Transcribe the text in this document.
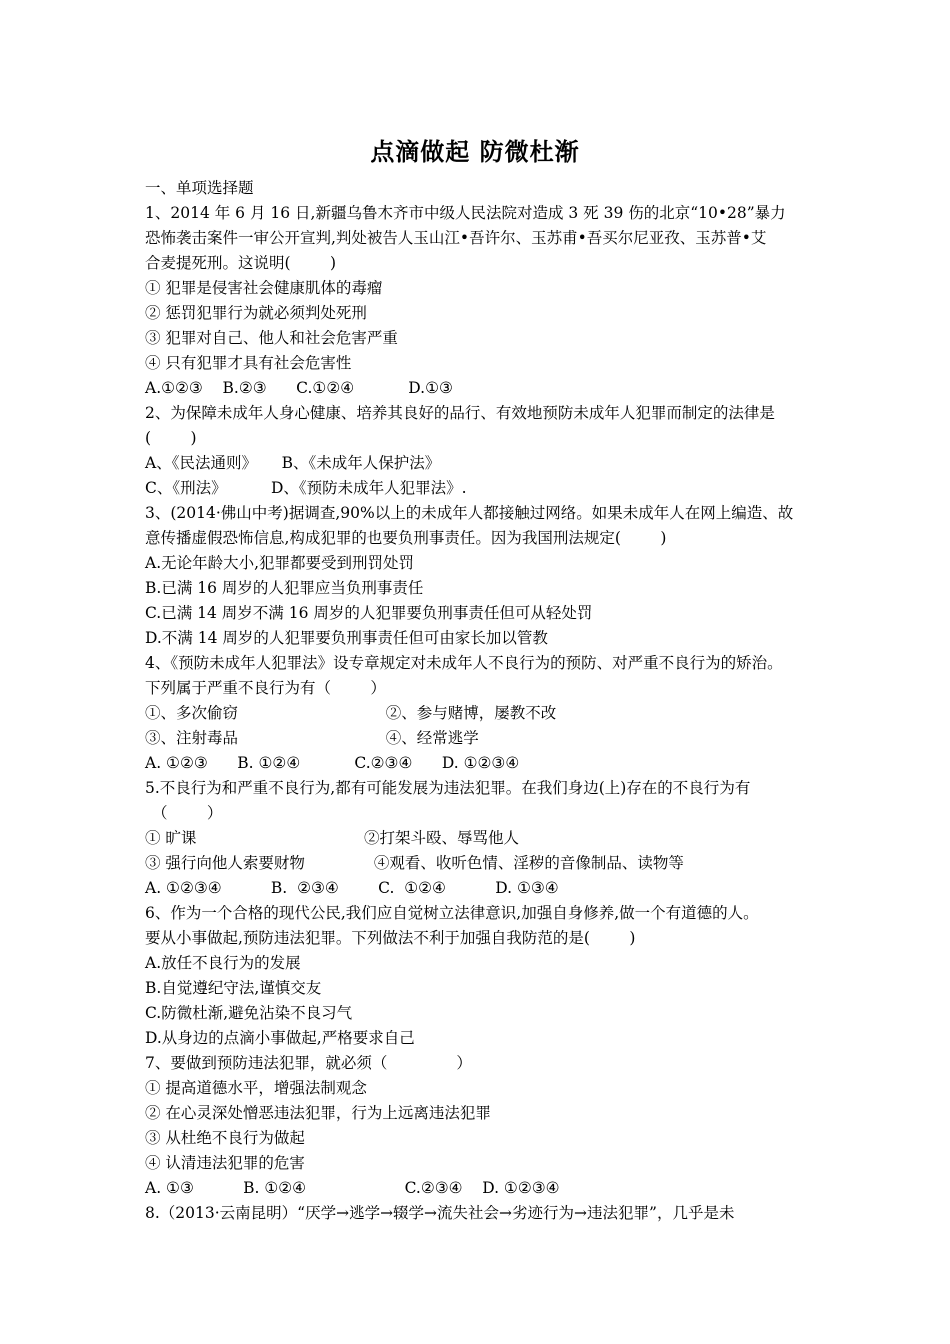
点滴做起 防微杜渐
一、单项选择题
1、2014 年 6 月 16 日,新疆乌鲁木齐市中级人民法院对造成 3 死 39 伤的北京“10•28”暴力
恐怖袭击案件一审公开宣判,判处被告人玉山江•吾许尔、玉苏甫•吾买尔尼亚孜、玉苏普•艾
合麦提死刑。这说明(        )
① 犯罪是侵害社会健康肌体的毒瘤
② 惩罚犯罪行为就必须判处死刑
③ 犯罪对自己、他人和社会危害严重
④ 只有犯罪才具有社会危害性
A.①②③    B.②③      C.①②④           D.①③
2、为保障未成年人身心健康、培养其良好的品行、有效地预防未成年人犯罪而制定的法律是
(        )
A、《民法通则》     B、《未成年人保护法》
C、《刑法》         D、《预防未成年人犯罪法》.
3、(2014·佛山中考)据调查,90%以上的未成年人都接触过网络。如果未成年人在网上编造、故
意传播虚假恐怖信息,构成犯罪的也要负刑事责任。因为我国刑法规定(        )
A.无论年龄大小,犯罪都要受到刑罚处罚
B.已满 16 周岁的人犯罪应当负刑事责任
C.已满 14 周岁不满 16 周岁的人犯罪要负刑事责任但可从轻处罚
D.不满 14 周岁的人犯罪要负刑事责任但可由家长加以管教
4、《预防未成年人犯罪法》设专章规定对未成年人不良行为的预防、对严重不良行为的矫治。
下列属于严重不良行为有（        ）
①、多次偷窃                              ②、参与赌博，屡教不改
③、注射毒品                              ④、经常逃学
A. ①②③      B. ①②④           C.②③④      D. ①②③④
5.不良行为和严重不良行为,都有可能发展为违法犯罪。在我们身边(上)存在的不良行为有
（        ）
① 旷课                                  ②打架斗殴、辱骂他人
③ 强行向他人索要财物              ④观看、收听色情、淫秽的音像制品、读物等
A. ①②③④          B.  ②③④        C.  ①②④          D. ①③④
6、作为一个合格的现代公民,我们应自觉树立法律意识,加强自身修养,做一个有道德的人。
要从小事做起,预防违法犯罪。下列做法不利于加强自我防范的是(        )
A.放任不良行为的发展
B.自觉遵纪守法,谨慎交友
C.防微杜渐,避免沾染不良习气
D.从身边的点滴小事做起,严格要求自己
7、要做到预防违法犯罪，就必须（              ）
① 提高道德水平，增强法制观念
② 在心灵深处憎恶违法犯罪，行为上远离违法犯罪
③ 从杜绝不良行为做起
④ 认清违法犯罪的危害
A. ①③          B. ①②④                    C.②③④    D. ①②③④
8.（2013·云南昆明）“厌学→逃学→辍学→流失社会→劣迹行为→违法犯罪”，几乎是未
